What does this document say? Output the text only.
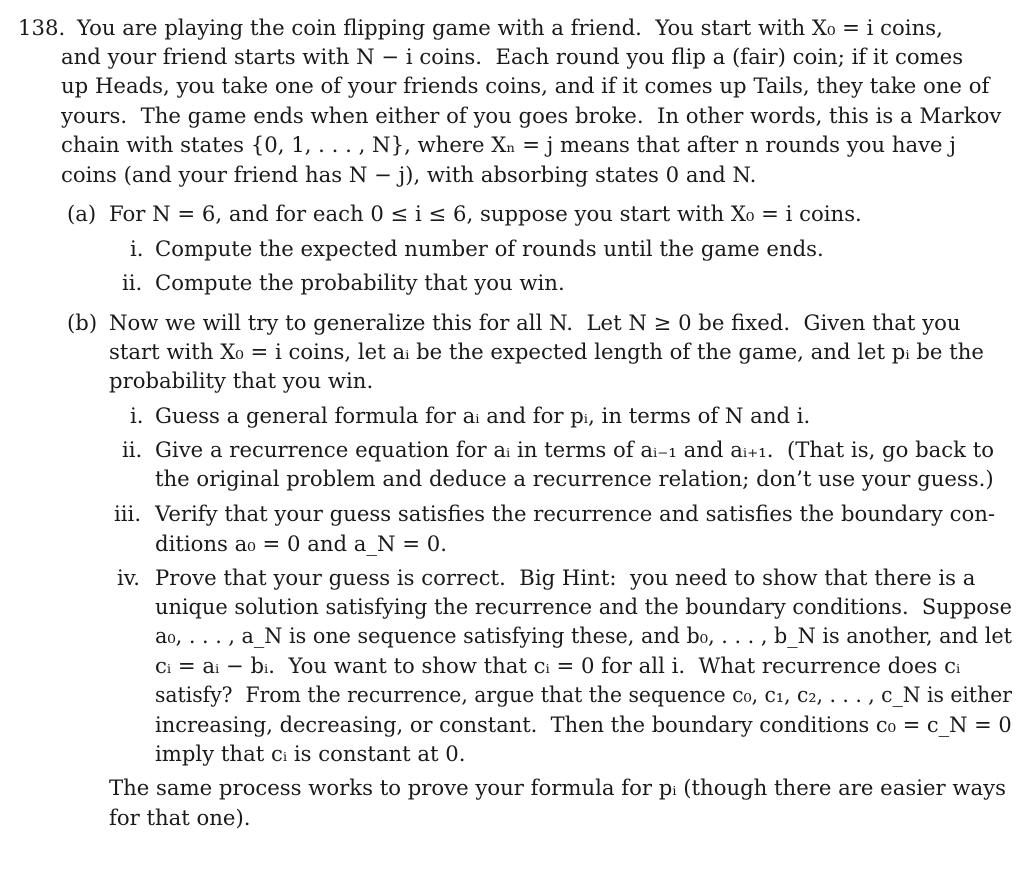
138. You are playing the coin flipping game with a friend.  You start with X₀ = i coins,
and your friend starts with N − i coins.  Each round you flip a (fair) coin; if it comes
up Heads, you take one of your friends coins, and if it comes up Tails, they take one of
yours.  The game ends when either of you goes broke.  In other words, this is a Markov
chain with states {0, 1, . . . , N}, where Xₙ = j means that after n rounds you have j
coins (and your friend has N − j), with absorbing states 0 and N.
(a) For N = 6, and for each 0 ≤ i ≤ 6, suppose you start with X₀ = i coins.
i. Compute the expected number of rounds until the game ends.
ii. Compute the probability that you win.
(b) Now we will try to generalize this for all N.  Let N ≥ 0 be fixed.  Given that you
start with X₀ = i coins, let aᵢ be the expected length of the game, and let pᵢ be the
probability that you win.
i. Guess a general formula for aᵢ and for pᵢ, in terms of N and i.
ii. Give a recurrence equation for aᵢ in terms of aᵢ₋₁ and aᵢ₊₁.  (That is, go back to
the original problem and deduce a recurrence relation; don’t use your guess.)
iii. Verify that your guess satisfies the recurrence and satisfies the boundary con-
ditions a₀ = 0 and a_N = 0.
iv. Prove that your guess is correct.  Big Hint:  you need to show that there is a
unique solution satisfying the recurrence and the boundary conditions.  Suppose
a₀, . . . , a_N is one sequence satisfying these, and b₀, . . . , b_N is another, and let
cᵢ = aᵢ − bᵢ.  You want to show that cᵢ = 0 for all i.  What recurrence does cᵢ
satisfy?  From the recurrence, argue that the sequence c₀, c₁, c₂, . . . , c_N is either
increasing, decreasing, or constant.  Then the boundary conditions c₀ = c_N = 0
imply that cᵢ is constant at 0.
The same process works to prove your formula for pᵢ (though there are easier ways
for that one).
